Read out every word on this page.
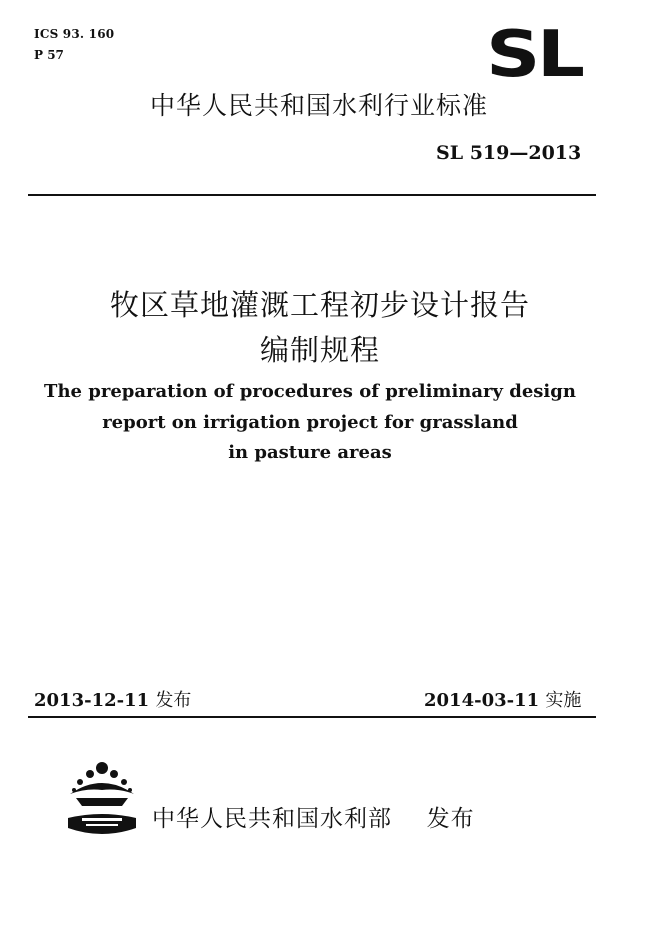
ICS 93. 160
P 57	SL
中华人民共和国水利行业标准
SL 519—2013
牧区草地灌溉工程初步设计报告
编制规程
The preparation of procedures of preliminary design
report on irrigation project for grassland
in pasture areas
2013-12-11 发布	2014-03-11 实施
中华人民共和国水利部 发布
